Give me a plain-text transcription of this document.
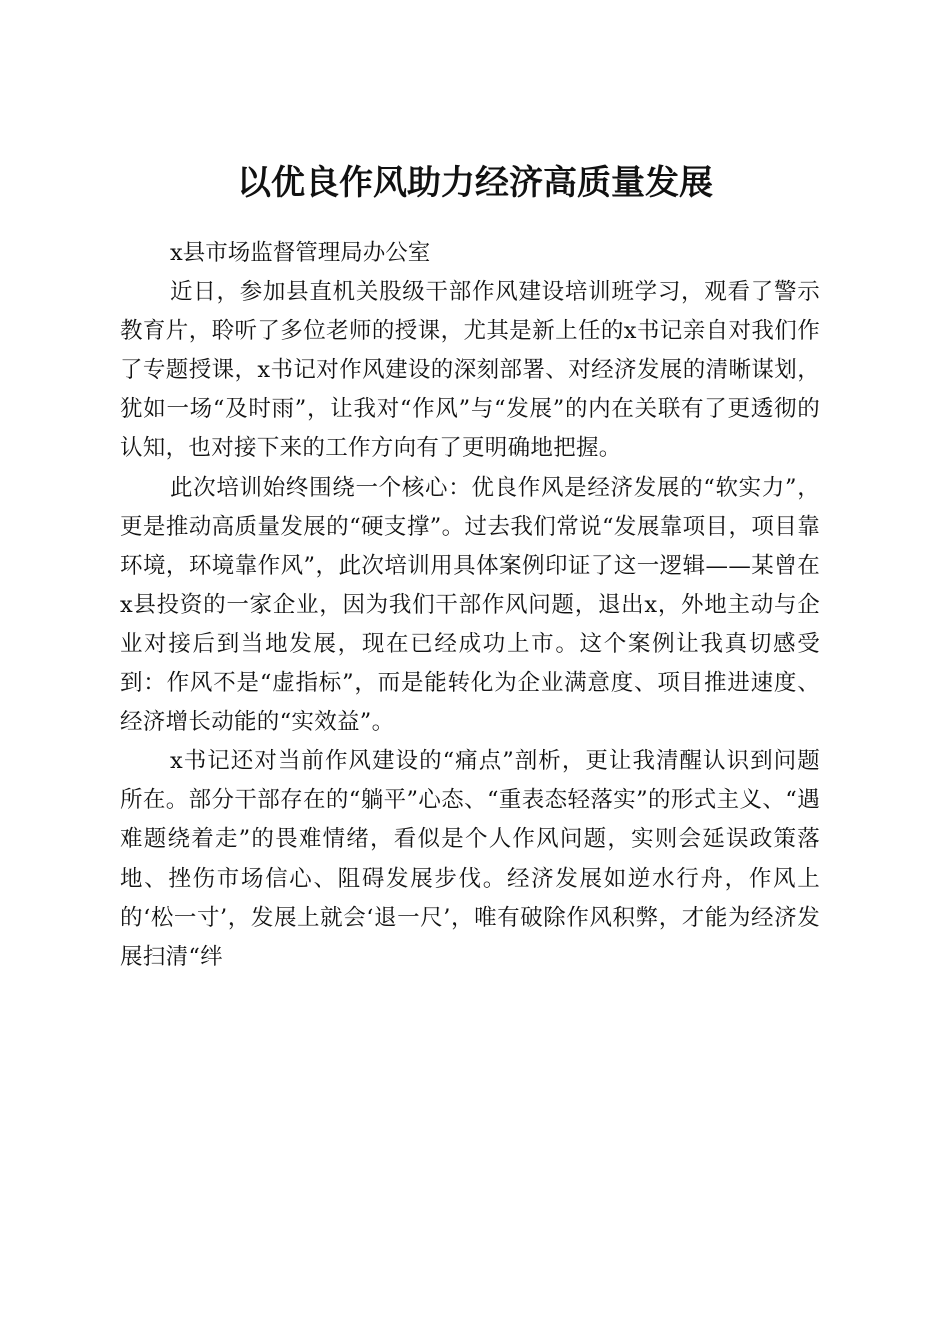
以优良作风助力经济高质量发展

x县市场监督管理局办公室

近日，参加县直机关股级干部作风建设培训班学习，观看了警示教育片，聆听了多位老师的授课，尤其是新上任的x书记亲自对我们作了专题授课，x书记对作风建设的深刻部署、对经济发展的清晰谋划，犹如一场“及时雨”，让我对“作风”与“发展”的内在关联有了更透彻的认知，也对接下来的工作方向有了更明确地把握。

此次培训始终围绕一个核心：优良作风是经济发展的“软实力”，更是推动高质量发展的“硬支撑”。过去我们常说“发展靠项目，项目靠环境，环境靠作风”，此次培训用具体案例印证了这一逻辑——某曾在x县投资的一家企业，因为我们干部作风问题，退出x，外地主动与企业对接后到当地发展，现在已经成功上市。这个案例让我真切感受到：作风不是“虚指标”，而是能转化为企业满意度、项目推进速度、经济增长动能的“实效益”。

x书记还对当前作风建设的“痛点”剖析，更让我清醒认识到问题所在。部分干部存在的“躺平”心态、“重表态轻落实”的形式主义、“遇难题绕着走”的畏难情绪，看似是个人作风问题，实则会延误政策落地、挫伤市场信心、阻碍发展步伐。经济发展如逆水行舟，作风上的‘松一寸’，发展上就会‘退一尺’，唯有破除作风积弊，才能为经济发展扫清“绊
